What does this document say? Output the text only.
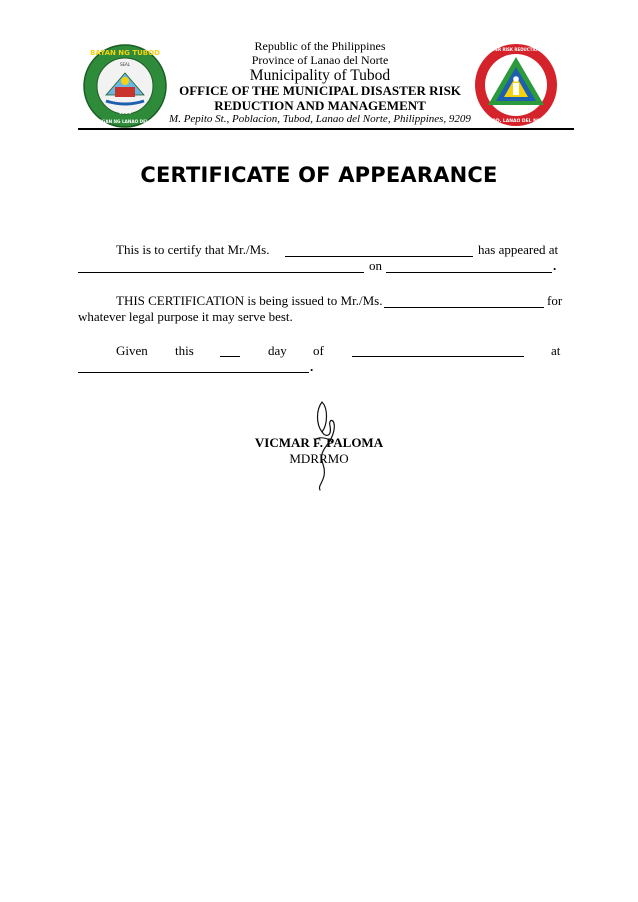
SEAL
BAYAN NG TUBOD
LALAWIGAN NG LANAO DEL NORTE
1956
MUNICIPAL DISASTER RISK REDUCTION & MGMT. OFFICE
TUBOD, LANAO DEL NORTE
Republic of the Philippines
Province of Lanao del Norte
Municipality of Tubod
OFFICE OF THE MUNICIPAL DISASTER RISK
REDUCTION AND MANAGEMENT
M. Pepito St., Poblacion, Tubod, Lanao del Norte, Philippines, 9209
CERTIFICATE OF APPEARANCE
This is to certify that Mr./Ms.	has appeared at
on	.
THIS CERTIFICATION is being issued to Mr./Ms.	for
whatever legal purpose it may serve best.
Given this	day of	at
.
VICMAR F. PALOMA
MDRRMO
